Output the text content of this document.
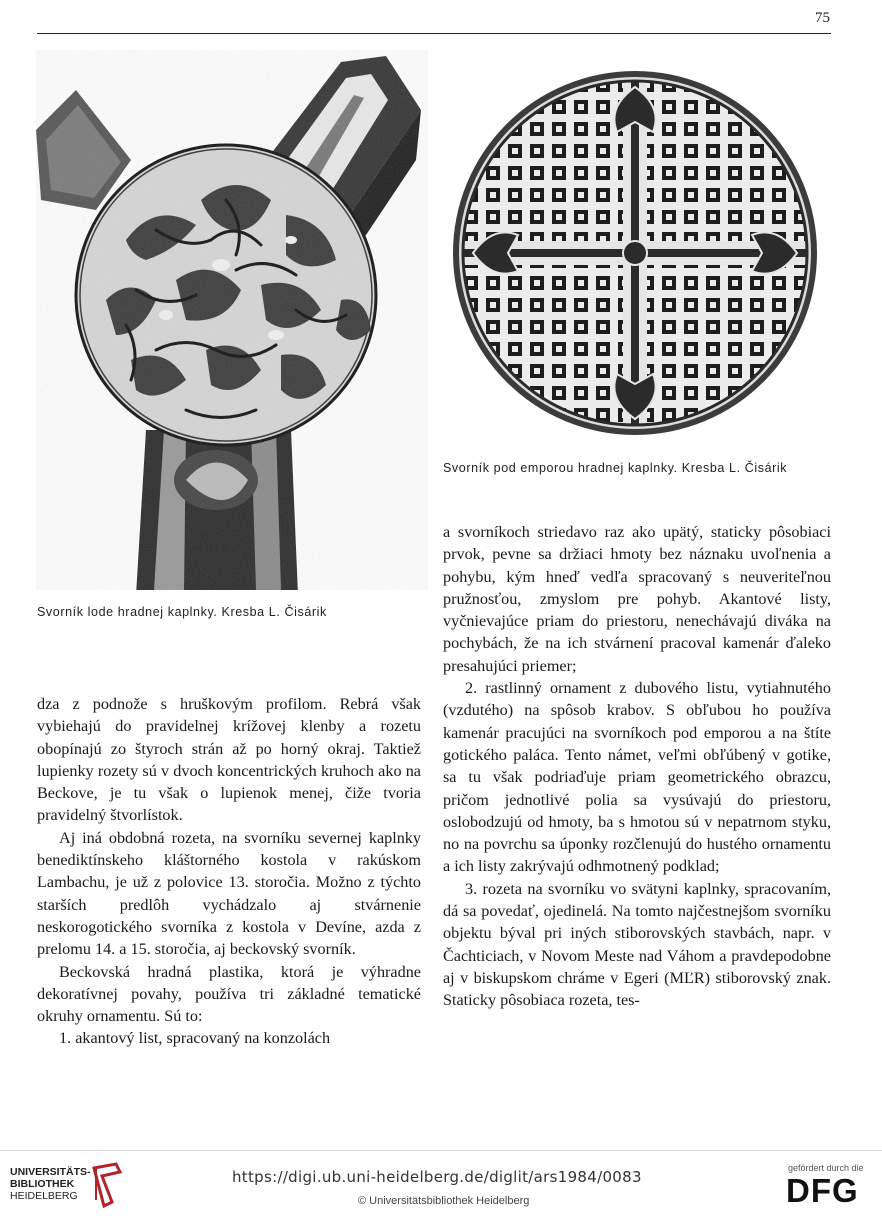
75
Svorník lode hradnej kaplnky. Kresba L. Čisárik
Svorník pod emporou hradnej kaplnky. Kresba L. Čisárik

dza z podnože s hruškovým profilom. Rebrá však vybiehajú do pravidelnej krížovej klenby a rozetu obopínajú zo štyroch strán až po horný okraj. Taktiež lupienky rozety sú v dvoch koncentrických kruhoch ako na Beckove, je tu však o lupienok menej, čiže tvoria pravidelný štvorlístok.

Aj iná obdobná rozeta, na svorníku severnej kaplnky benediktínskeho kláštorného kostola v rakúskom Lambachu, je už z polovice 13. storočia. Možno z týchto starších predlôh vychádzalo aj stvárnenie neskorogotického svorníka z kostola v Devíne, azda z prelomu 14. a 15. storočia, aj beckovský svorník.

Beckovská hradná plastika, ktorá je výhradne dekoratívnej povahy, používa tri základné tematické okruhy ornamentu. Sú to:

1. akantový list, spracovaný na konzolách

a svorníkoch striedavo raz ako upätý, staticky pôsobiaci prvok, pevne sa držiaci hmoty bez náznaku uvoľnenia a pohybu, kým hneď vedľa spracovaný s neuveriteľnou pružnosťou, zmyslom pre pohyb. Akantové listy, vyčnievajúce priam do priestoru, nenechávajú diváka na pochybách, že na ich stvárnení pracoval kamenár ďaleko presahujúci priemer;

2. rastlinný ornament z dubového listu, vytiahnutého (vzdutého) na spôsob krabov. S obľubou ho používa kamenár pracujúci na svorníkoch pod emporou a na štíte gotického paláca. Tento námet, veľmi obľúbený v gotike, sa tu však podriaďuje priam geometrického obrazcu, pričom jednotlivé polia sa vysúvajú do priestoru, oslobodzujú od hmoty, ba s hmotou sú v nepatrnom styku, no na povrchu sa úponky rozčlenujú do hustého ornamentu a ich listy zakrývajú odhmotnený podklad;

3. rozeta na svorníku vo svätyni kaplnky, spracovaním, dá sa povedať, ojedinelá. Na tomto najčestnejšom svorníku objektu býval pri iných stiborovských stavbách, napr. v Čachticiach, v Novom Meste nad Váhom a pravdepodobne aj v biskupskom chráme v Egeri (MĽR) stiborovský znak. Staticky pôsobiaca rozeta, tes-

UNIVERSITÄTS-
BIBLIOTHEK
HEIDELBERG
https://digi.ub.uni-heidelberg.de/diglit/ars1984/0083
© Universitätsbibliothek Heidelberg
gefördert durch die
DFG
